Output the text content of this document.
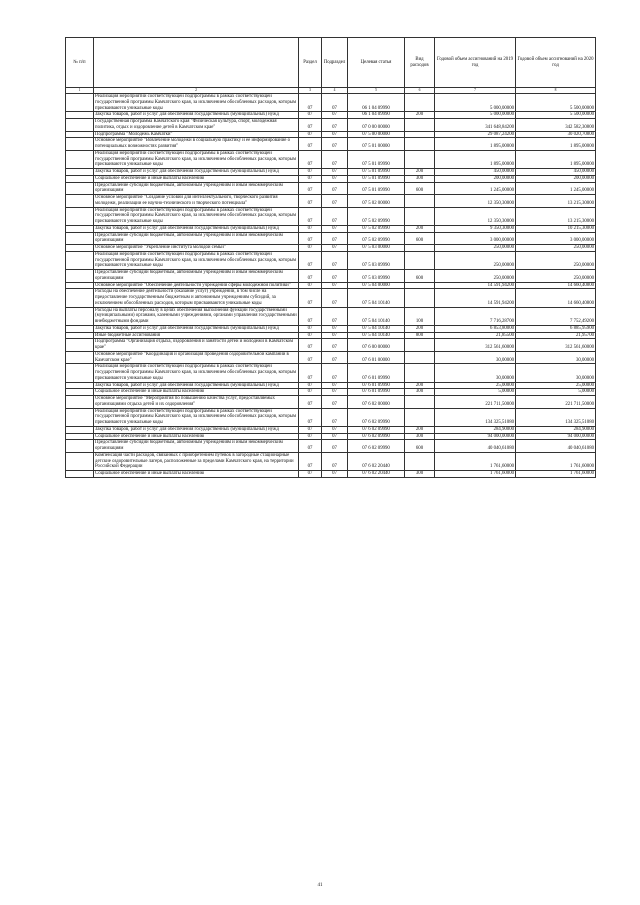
№ п/п		Раздел	Подраздел	Целевая статья	Вид расходов	Годовой объем ассигнований на 2019 год	Годовой объем ассигнований на 2020 год
1	2	3	4	5	6	7	8
	Реализация мероприятий соответствующей подпрограммы в рамках соответствующей государственной программы Камчатского края, за исключением обособленных расходов, которым присваиваются уникальные коды	07	07	06 1 04 09990		5 000,00000	5 500,00000
	Закупка товаров, работ и услуг для обеспечения государственных (муниципальных) нужд	07	07	06 1 04 09990	200	5 000,00000	5 500,00000
	Государственная программа Камчатского края "Физическая культура, спорт, молодежная политика, отдых и оздоровление детей в Камчатском крае"	07	07	07 0 00 00000		341 648,84200	342 582,30800
	Подпрограмма "Молодежь Камчатки"	07	07	07 5 00 00000		29 087,24200	30 020,70800
	Основное мероприятие "Вовлечение молодёжи в социальную практику и её информирование о потенциальных возможностях развития"	07	07	07 5 01 00000		1 895,00000	1 895,00000
	Реализация мероприятий соответствующей подпрограммы в рамках соответствующей государственной программы Камчатского края, за исключением обособленных расходов, которым присваиваются уникальные коды	07	07	07 5 01 09990		1 895,00000	1 895,00000
	Закупка товаров, работ и услуг для обеспечения государственных (муниципальных) нужд	07	07	07 5 01 09990	200	450,00000	450,00000
	Социальное обеспечение и иные выплаты населению	07	07	07 5 01 09990	300	200,00000	200,00000
	Предоставление субсидий бюджетным, автономным учреждениям и иным некоммерческим организациям	07	07	07 5 01 09990	600	1 245,00000	1 245,00000
	Основное мероприятие "Создание условий для интеллектуального, творческого развития молодежи, реализации ее научно-технического и творческого потенциала"	07	07	07 5 02 00000		12 350,30000	13 215,30000
	Реализация мероприятий соответствующей подпрограммы в рамках соответствующей государственной программы Камчатского края, за исключением обособленных расходов, которым присваиваются уникальные коды	07	07	07 5 02 09990		12 350,30000	13 215,30000
	Закупка товаров, работ и услуг для обеспечения государственных (муниципальных) нужд	07	07	07 5 02 09990	200	9 350,30000	10 215,30000
	Предоставление субсидий бюджетным, автономным учреждениям и иным некоммерческим организациям	07	07	07 5 02 09990	600	3 000,00000	3 000,00000
	Основное мероприятие "Укрепление института молодой семьи"	07	07	07 5 03 00000		250,00000	250,00000
	Реализация мероприятий соответствующей подпрограммы в рамках соответствующей государственной программы Камчатского края, за исключением обособленных расходов, которым присваиваются уникальные коды	07	07	07 5 03 09990		250,00000	250,00000
	Предоставление субсидий бюджетным, автономным учреждениям и иным некоммерческим организациям	07	07	07 5 03 09990	600	250,00000	250,00000
	Основное мероприятие "Обеспечение деятельности учреждений сферы молодежной политики"	07	07	07 5 04 00000		14 591,94200	14 660,40800
	Расходы на обеспечение деятельности (оказание услуг) учреждений, в том числе на предоставление государственным бюджетным и автономным учреждениям субсидий, за исключением обособленных расходов, которым присваиваются уникальные коды	07	07	07 5 04 10140		14 591,94200	14 660,40800
	Расходы на выплаты персоналу в целях обеспечения выполнения функций государственными (муниципальными) органами, казенными учреждениями, органами управления государственными внебюджетными фондами	07	07	07 5 04 10140	100	7 716,28700	7 752,49200
	Закупка товаров, работ и услуг для обеспечения государственных (муниципальных) нужд	07	07	07 5 04 10140	200	6 853,80000	6 885,95900
	Иные бюджетные ассигнования	07	07	07 5 04 10140	800	21,85500	21,95700
	Подпрограмма "Организация отдыха, оздоровления и занятости детей и молодежи в Камчатском крае"	07	07	07 6 00 00000		312 561,60000	312 561,60000
	Основное мероприятие "Координация и организация проведения оздоровительной кампании в Камчатском крае"	07	07	07 6 01 00000		30,00000	30,00000
	Реализация мероприятий соответствующей подпрограммы в рамках соответствующей государственной программы Камчатского края, за исключением обособленных расходов, которым присваиваются уникальные коды	07	07	07 6 01 09990		30,00000	30,00000
	Закупка товаров, работ и услуг для обеспечения государственных (муниципальных) нужд	07	07	07 6 01 09990	200	25,00000	25,00000
	Социальное обеспечение и иные выплаты населению	07	07	07 6 01 09990	300	5,00000	5,00000
	Основное мероприятие "Мероприятия по повышению качества услуг, предоставляемых организациями отдыха детей и их оздоровления"	07	07	07 6 02 00000		221 711,50000	221 711,50000
	Реализация мероприятий соответствующей подпрограммы в рамках соответствующей государственной программы Камчатского края, за исключением обособленных расходов, которым присваиваются уникальные коды	07	07	07 6 02 09990		134 325,51080	134 325,51080
	Закупка товаров, работ и услуг для обеспечения государственных (муниципальных) нужд	07	07	07 6 02 09990	200	284,90000	284,90000
	Социальное обеспечение и иные выплаты населению	07	07	07 6 02 09990	300	94 000,00000	94 000,00000
	Предоставление субсидий бюджетным, автономным учреждениям и иным некоммерческим организациям	07	07	07 6 02 09990	600	40 040,61080	40 040,61080
	Компенсация части расходов, связанных с приобретением путевок в загородные стационарные детские оздоровительные лагеря, расположенные за пределами Камчатского края, на территории Российской Федерации	07	07	07 6 02 20440		1 761,60000	1 761,60000
	Социальное обеспечение и иные выплаты населению	07	07	07 6 02 20440	300	1 761,60000	1 761,60000
41
